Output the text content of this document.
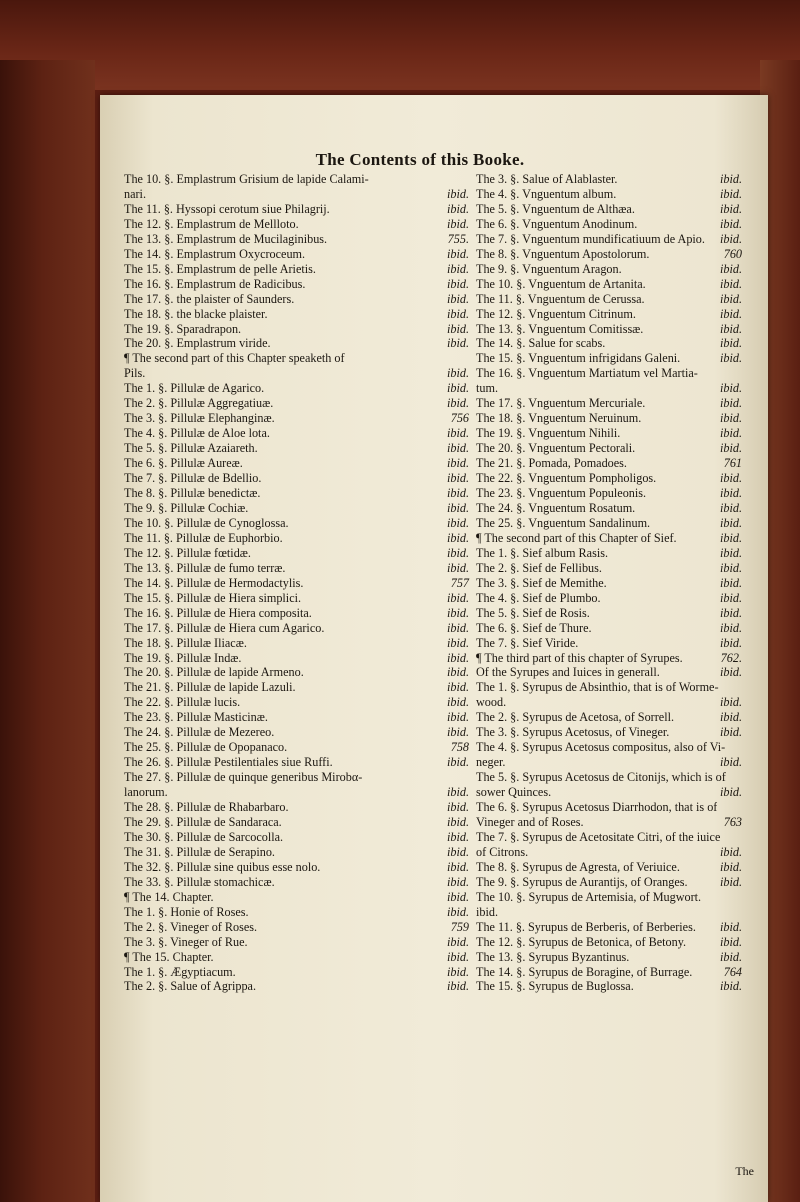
The Contents of this Booke.
The 10. §. Emplastrum Grisium de lapide Calami-
nari.	ibid.
The 11. §. Hyssopi cerotum siue Philagrij.	ibid.
The 12. §. Emplastrum de Mellloto.	ibid.
The 13. §. Emplastrum de Mucilaginibus.	755.
The 14. §. Emplastrum Oxycroceum.	ibid.
The 15. §. Emplastrum de pelle Arietis.	ibid.
The 16. §. Emplastrum de Radicibus.	ibid.
The 17. §. the plaister of Saunders.	ibid.
The 18. §. the blacke plaister.	ibid.
The 19. §. Sparadrapon.	ibid.
The 20. §. Emplastrum viride.	ibid.
¶ The second part of this Chapter speaketh of
Pils.	ibid.
The 1. §. Pillulæ de Agarico.	ibid.
The 2. §. Pillulæ Aggregatiuæ.	ibid.
The 3. §. Pillulæ Elephanginæ.	756
The 4. §. Pillulæ de Aloe lota.	ibid.
The 5. §. Pillulæ Azaiareth.	ibid.
The 6. §. Pillulæ Aureæ.	ibid.
The 7. §. Pillulæ de Bdellio.	ibid.
The 8. §. Pillulæ benedictæ.	ibid.
The 9. §. Pillulæ Cochiæ.	ibid.
The 10. §. Pillulæ de Cynoglossa.	ibid.
The 11. §. Pillulæ de Euphorbio.	ibid.
The 12. §. Pillulæ fœtidæ.	ibid.
The 13. §. Pillulæ de fumo terræ.	ibid.
The 14. §. Pillulæ de Hermodactylis.	757
The 15. §. Pillulæ de Hiera simplici.	ibid.
The 16. §. Pillulæ de Hiera composita.	ibid.
The 17. §. Pillulæ de Hiera cum Agarico.	ibid.
The 18. §. Pillulæ Iliacæ.	ibid.
The 19. §. Pillulæ Indæ.	ibid.
The 20. §. Pillulæ de lapide Armeno.	ibid.
The 21. §. Pillulæ de lapide Lazuli.	ibid.
The 22. §. Pillulæ lucis.	ibid.
The 23. §. Pillulæ Masticinæ.	ibid.
The 24. §. Pillulæ de Mezereo.	ibid.
The 25. §. Pillulæ de Opopanaco.	758
The 26. §. Pillulæ Pestilentiales siue Ruffi.	ibid.
The 27. §. Pillulæ de quinque generibus Mirobα-
lanorum.	ibid.
The 28. §. Pillulæ de Rhabarbaro.	ibid.
The 29. §. Pillulæ de Sandaraca.	ibid.
The 30. §. Pillulæ de Sarcocolla.	ibid.
The 31. §. Pillulæ de Serapino.	ibid.
The 32. §. Pillulæ sine quibus esse nolo.	ibid.
The 33. §. Pillulæ stomachicæ.	ibid.
¶ The 14. Chapter.	ibid.
The 1. §. Honie of Roses.	ibid.
The 2. §. Vineger of Roses.	759
The 3. §. Vineger of Rue.	ibid.
¶ The 15. Chapter.	ibid.
The 1. §. Ægyptiacum.	ibid.
The 2. §. Salue of Agrippa.	ibid.
The 3. §. Salue of Alablaster.	ibid.
The 4. §. Vnguentum album.	ibid.
The 5. §. Vnguentum de Althæa.	ibid.
The 6. §. Vnguentum Anodinum.	ibid.
The 7. §. Vnguentum mundificatiuum de Apio.	ibid.
The 8. §. Vnguentum Apostolorum.	760
The 9. §. Vnguentum Aragon.	ibid.
The 10. §. Vnguentum de Artanita.	ibid.
The 11. §. Vnguentum de Cerussa.	ibid.
The 12. §. Vnguentum Citrinum.	ibid.
The 13. §. Vnguentum Comitissæ.	ibid.
The 14. §. Salue for scabs.	ibid.
The 15. §. Vnguentum infrigidans Galeni.	ibid.
The 16. §. Vnguentum Martiatum vel Martia-
tum.	ibid.
The 17. §. Vnguentum Mercuriale.	ibid.
The 18. §. Vnguentum Neruinum.	ibid.
The 19. §. Vnguentum Nihili.	ibid.
The 20. §. Vnguentum Pectorali.	ibid.
The 21. §. Pomada, Pomadoes.	761
The 22. §. Vnguentum Pompholigos.	ibid.
The 23. §. Vnguentum Populeonis.	ibid.
The 24. §. Vnguentum Rosatum.	ibid.
The 25. §. Vnguentum Sandalinum.	ibid.
¶ The second part of this Chapter of Sief.	ibid.
The 1. §. Sief album Rasis.	ibid.
The 2. §. Sief de Fellibus.	ibid.
The 3. §. Sief de Memithe.	ibid.
The 4. §. Sief de Plumbo.	ibid.
The 5. §. Sief de Rosis.	ibid.
The 6. §. Sief de Thure.	ibid.
The 7. §. Sief Viride.	ibid.
¶ The third part of this chapter of Syrupes.	762.
Of the Syrupes and Iuices in generall.	ibid.
The 1. §. Syrupus de Absinthio, that is of Worme-
wood.	ibid.
The 2. §. Syrupus de Acetosa, of Sorrell.	ibid.
The 3. §. Syrupus Acetosus, of Vineger.	ibid.
The 4. §. Syrupus Acetosus compositus, also of Vi-
neger.	ibid.
The 5. §. Syrupus Acetosus de Citonijs, which is of
sower Quinces.	ibid.
The 6. §. Syrupus Acetosus Diarrhodon, that is of
Vineger and of Roses.	763
The 7. §. Syrupus de Acetositate Citri, of the iuice
of Citrons.	ibid.
The 8. §. Syrupus de Agresta, of Veriuice.	ibid.
The 9. §. Syrupus de Aurantijs, of Oranges.	ibid.
The 10. §. Syrupus de Artemisia, of Mugwort.
ibid.
The 11. §. Syrupus de Berberis, of Berberies.	ibid.
The 12. §. Syrupus de Betonica, of Betony.	ibid.
The 13. §. Syrupus Byzantinus.	ibid.
The 14. §. Syrupus de Boragine, of Burrage.	764
The 15. §. Syrupus de Buglossa.	ibid.
The
